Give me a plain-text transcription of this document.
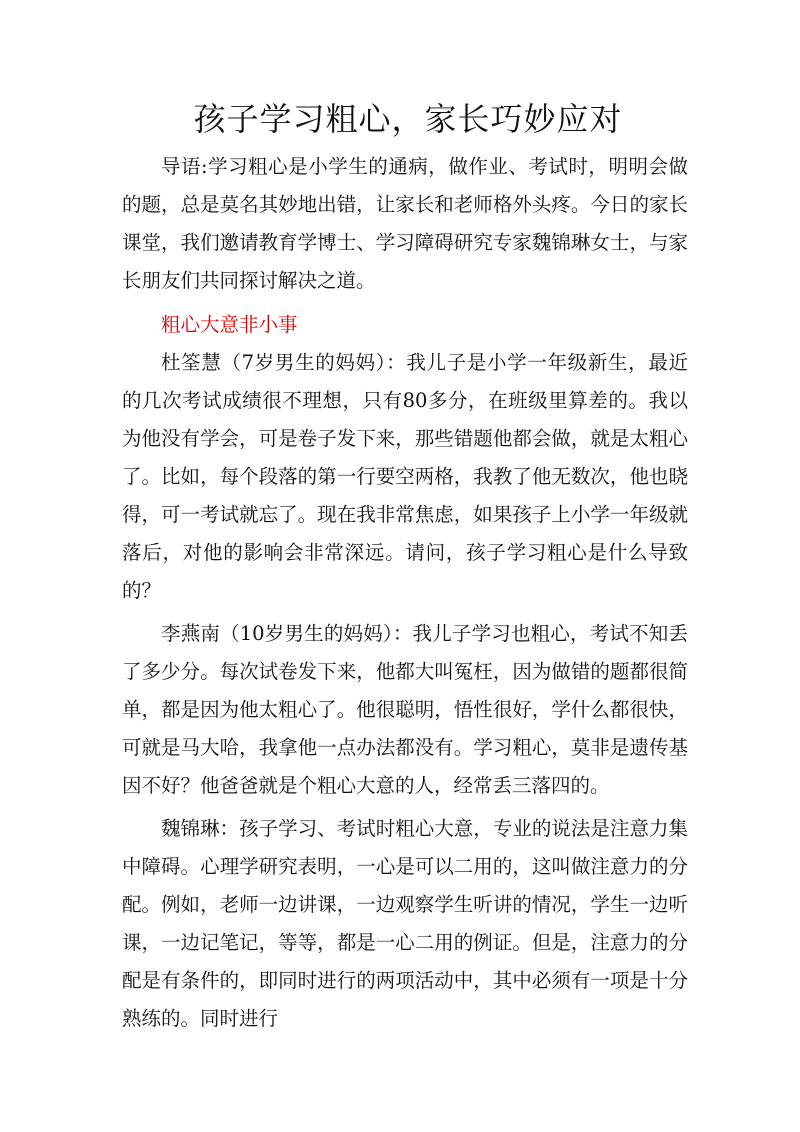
孩子学习粗心，家长巧妙应对

导语:学习粗心是小学生的通病，做作业、考试时，明明会做的题，总是莫名其妙地出错，让家长和老师格外头疼。今日的家长课堂，我们邀请教育学博士、学习障碍研究专家魏锦琳女士，与家长朋友们共同探讨解决之道。

粗心大意非小事

杜筌慧（7岁男生的妈妈）：我儿子是小学一年级新生，最近的几次考试成绩很不理想，只有80多分，在班级里算差的。我以为他没有学会，可是卷子发下来，那些错题他都会做，就是太粗心了。比如，每个段落的第一行要空两格，我教了他无数次，他也晓得，可一考试就忘了。现在我非常焦虑，如果孩子上小学一年级就落后，对他的影响会非常深远。请问，孩子学习粗心是什么导致的？

李燕南（10岁男生的妈妈）：我儿子学习也粗心，考试不知丢了多少分。每次试卷发下来，他都大叫冤枉，因为做错的题都很简单，都是因为他太粗心了。他很聪明，悟性很好，学什么都很快，可就是马大哈，我拿他一点办法都没有。学习粗心，莫非是遗传基因不好？他爸爸就是个粗心大意的人，经常丢三落四的。

魏锦琳：孩子学习、考试时粗心大意，专业的说法是注意力集中障碍。心理学研究表明，一心是可以二用的，这叫做注意力的分配。例如，老师一边讲课，一边观察学生听讲的情况，学生一边听课，一边记笔记，等等，都是一心二用的例证。但是，注意力的分配是有条件的，即同时进行的两项活动中，其中必须有一项是十分熟练的。同时进行
